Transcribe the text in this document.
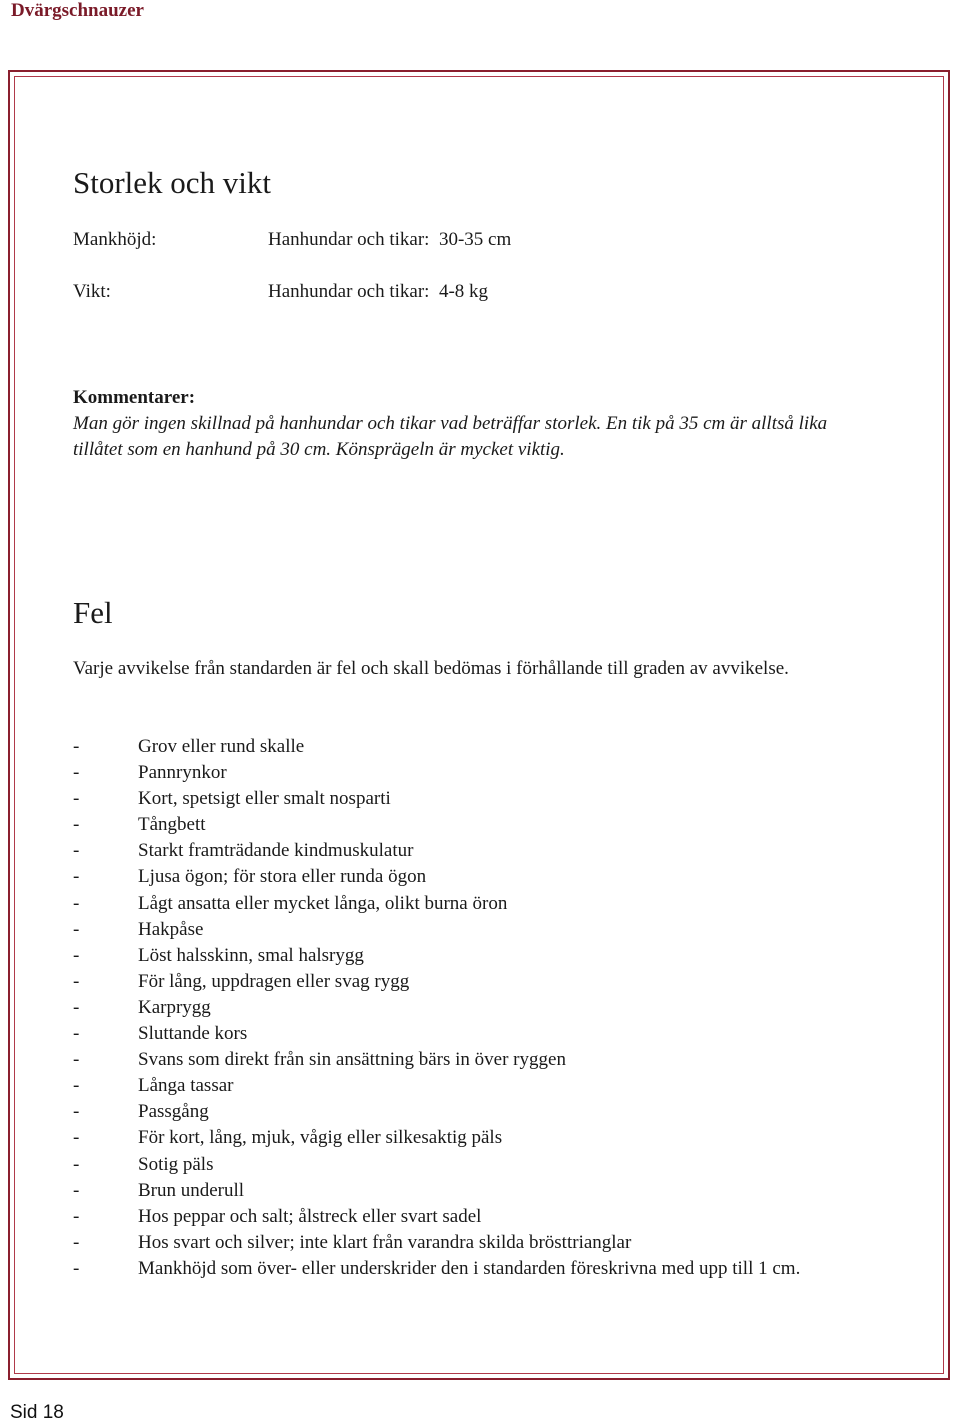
Dvärgschnauzer
Storlek och vikt
Mankhöjd:	Hanhundar och tikar:  30-35 cm
Vikt:	Hanhundar och tikar:  4-8 kg
Kommentarer:
Man gör ingen skillnad på hanhundar och tikar vad beträffar storlek. En tik på 35 cm är alltså lika tillåtet som en hanhund på 30 cm. Könsprägeln är mycket viktig.
Fel
Varje avvikelse från standarden är fel och skall bedömas i förhållande till graden av avvikelse.
-	Grov eller rund skalle
-	Pannrynkor
-	Kort, spetsigt eller smalt nosparti
-	Tångbett
-	Starkt framträdande kindmuskulatur
-	Ljusa ögon; för stora eller runda ögon
-	Lågt ansatta eller mycket långa, olikt burna öron
-	Hakpåse
-	Löst halsskinn, smal halsrygg
-	För lång, uppdragen eller svag rygg
-	Karprygg
-	Sluttande kors
-	Svans som direkt från sin ansättning bärs in över ryggen
-	Långa tassar
-	Passgång
-	För kort, lång, mjuk, vågig eller silkesaktig päls
-	Sotig päls
-	Brun underull
-	Hos peppar och salt; ålstreck eller svart sadel
-	Hos svart och silver; inte klart från varandra skilda brösttrianglar
-	Mankhöjd som över- eller underskrider den i standarden föreskrivna med upp till 1 cm.
Sid 18
